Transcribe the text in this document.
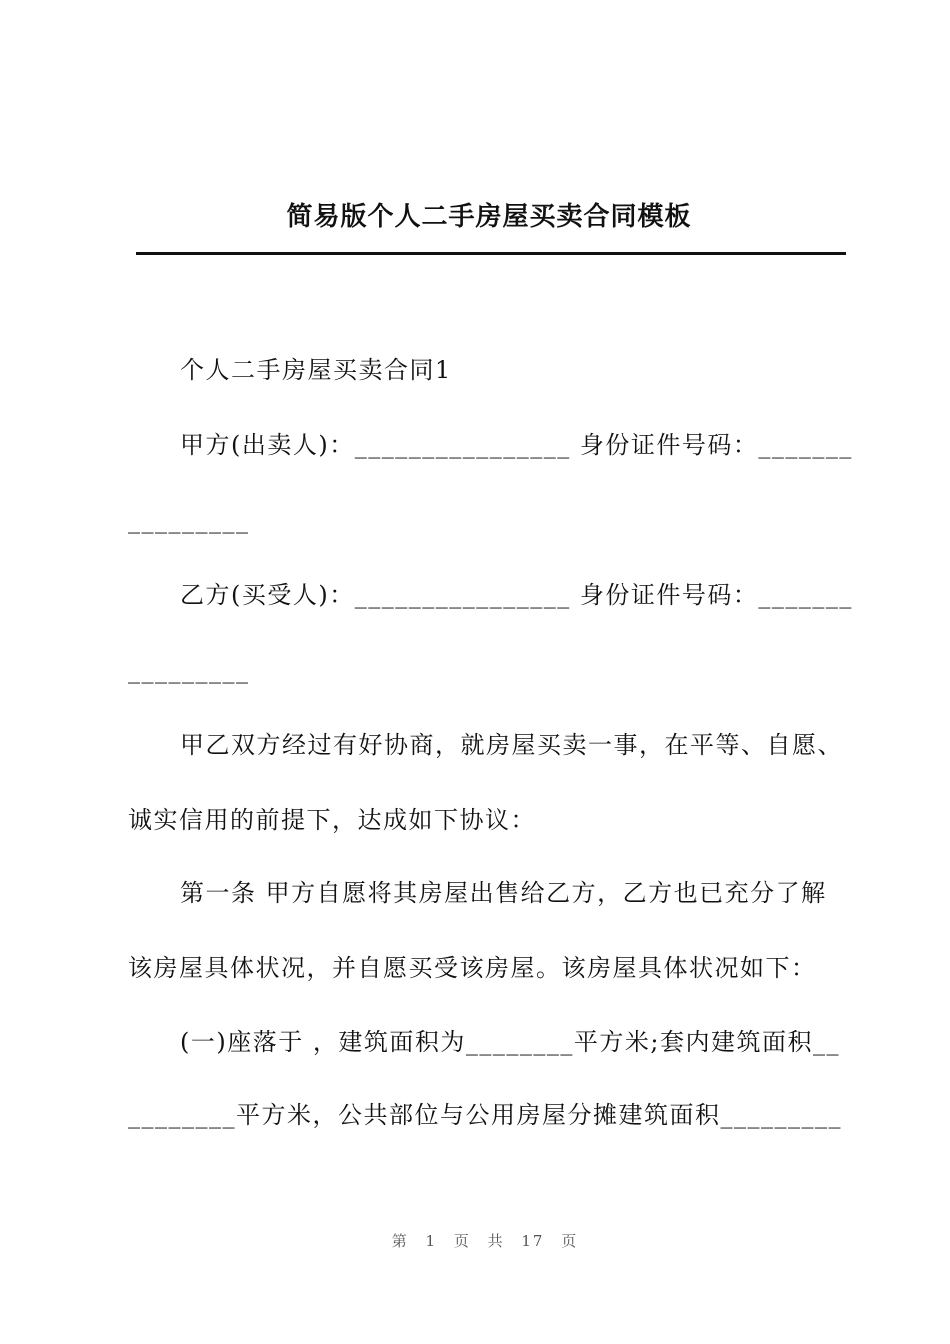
简易版个人二手房屋买卖合同模板
个人二手房屋买卖合同1
甲方(出卖人)：________________ 身份证件号码：_______
_________
乙方(买受人)：________________ 身份证件号码：_______
_________
甲乙双方经过有好协商，就房屋买卖一事，在平等、自愿、
诚实信用的前提下，达成如下协议：
第一条 甲方自愿将其房屋出售给乙方，乙方也已充分了解
该房屋具体状况，并自愿买受该房屋。该房屋具体状况如下：
(一)座落于 ，建筑面积为________平方米;套内建筑面积__
________平方米，公共部位与公用房屋分摊建筑面积_________
第 1 页 共 17 页
